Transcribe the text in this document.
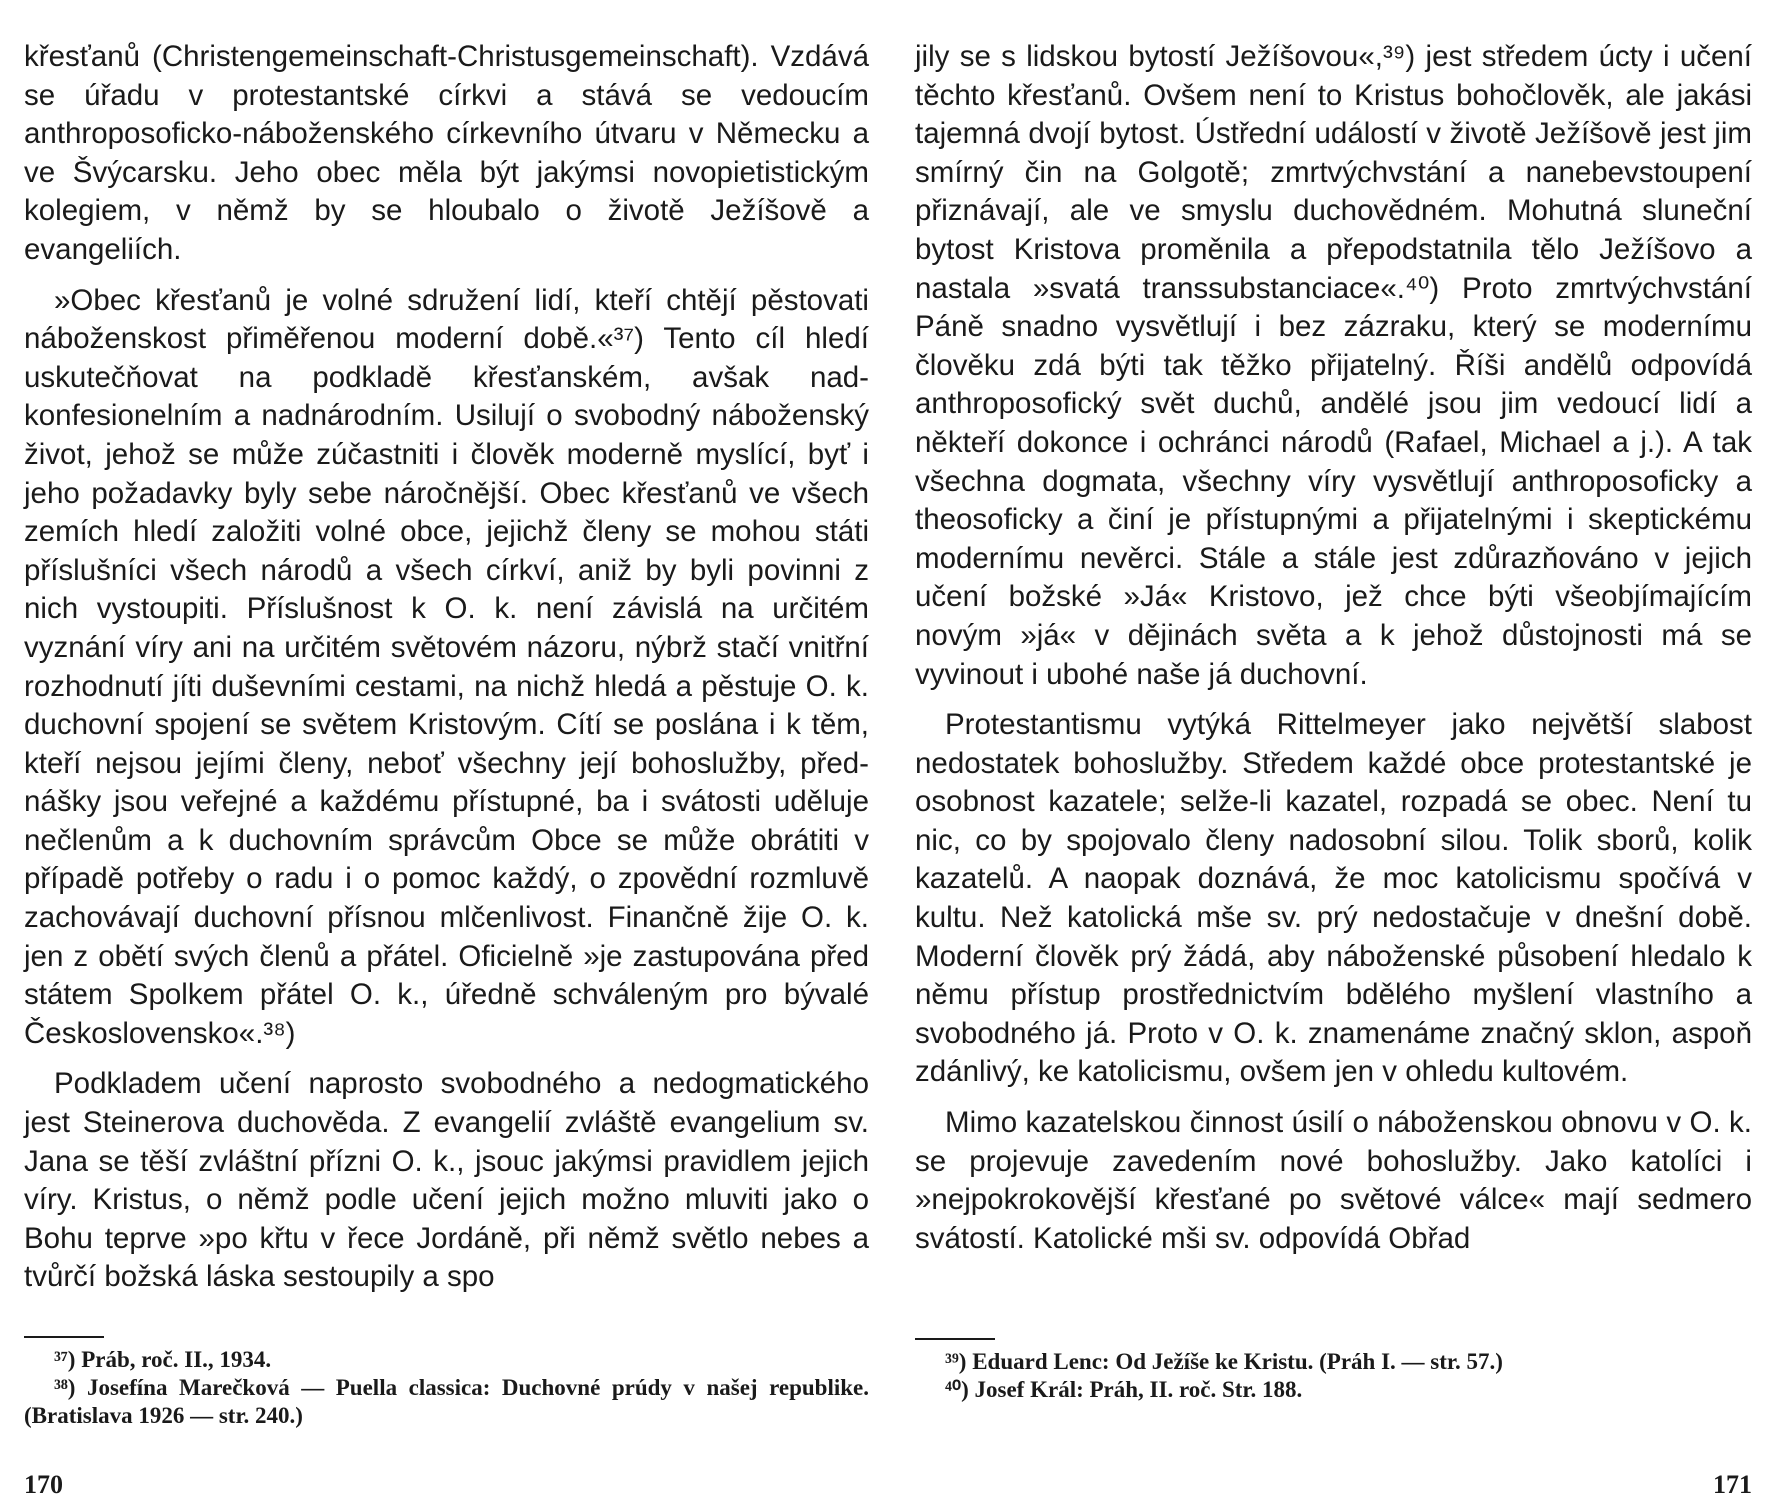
křesťanů (Christengemeinschaft-Christusgemeinschaft). Vzdává se úřadu v protestantské církvi a stává se vedoucím anthroposoficko-náboženského církevního útvaru v Německu a ve Švýcarsku. Jeho obec měla být jakýmsi novopietistickým kolegiem, v němž by se hloubalo o životě Ježíšově a evangeliích.

»Obec křesťanů je volné sdružení lidí, kteří chtějí pěstovati náboženskost přiměřenou moderní době.«³⁷) Tento cíl hledí uskutečňovat na podkladě křesťanském, avšak nadkonfesionelním a nadnárodním. Usilují o svobodný náboženský život, jehož se může zúčastniti i člověk moderně myslící, byť i jeho požadavky byly sebe náročnější. Obec křesťanů ve všech zemích hledí založiti volné obce, jejichž členy se mohou státi příslušníci všech národů a všech církví, aniž by byli povinni z nich vystoupiti. Příslušnost k O. k. není závislá na určitém vyznání víry ani na určitém světovém názoru, nýbrž stačí vnitřní rozhodnutí jíti duševními cestami, na nichž hledá a pěstuje O. k. duchovní spojení se světem Kristovým. Cítí se poslána i k těm, kteří nejsou jejími členy, neboť všechny její bohoslužby, přednášky jsou veřejné a každému přístupné, ba i svátosti uděluje nečlenům a k duchovním správcům Obce se může obrátiti v případě potřeby o radu i o pomoc každý, o zpovědní rozmluvě zachovávají duchovní přísnou mlčenlivost. Finančně žije O. k. jen z obětí svých členů a přátel. Oficielně »je zastupována před státem Spolkem přátel O. k., úředně schváleným pro bývalé Československo«.³⁸)

Podkladem učení naprosto svobodného a nedogmatického jest Steinerova duchověda. Z evangelií zvláště evangelium sv. Jana se těší zvláštní přízni O. k., jsouc jakýmsi pravidlem jejich víry. Kristus, o němž podle učení jejich možno mluviti jako o Bohu teprve »po křtu v řece Jordáně, při němž světlo nebes a tvůrčí božská láska sestoupily a spo

³⁷) Práb, roč. II., 1934.

³⁸) Josefína Marečková — Puella classica: Duchovné prúdy v našej republike. (Bratislava 1926 — str. 240.)

170

jily se s lidskou bytostí Ježíšovou«,³⁹) jest středem úcty i učení těchto křesťanů. Ovšem není to Kristus bohočlověk, ale jakási tajemná dvojí bytost. Ústřední událostí v životě Ježíšově jest jim smírný čin na Golgotě; zmrtvýchvstání a nanebevstoupení přiznávají, ale ve smyslu duchovědném. Mohutná sluneční bytost Kristova proměnila a přepodstatnila tělo Ježíšovo a nastala »svatá transsubstanciace«.⁴⁰) Proto zmrtvýchvstání Páně snadno vysvětlují i bez zázraku, který se modernímu člověku zdá býti tak těžko přijatelný. Říši andělů odpovídá anthroposofický svět duchů, andělé jsou jim vedoucí lidí a někteří dokonce i ochránci národů (Rafael, Michael a j.). A tak všechna dogmata, všechny víry vysvětlují anthroposoficky a theosoficky a činí je přístupnými a přijatelnými i skeptickému modernímu nevěrci. Stále a stále jest zdůrazňováno v jejich učení božské »Já« Kristovo, jež chce býti všeobjímajícím novým »já« v dějinách světa a k jehož důstojnosti má se vyvinout i ubohé naše já duchovní.

Protestantismu vytýká Rittelmeyer jako největší slabost nedostatek bohoslužby. Středem každé obce protestantské je osobnost kazatele; selže-li kazatel, rozpadá se obec. Není tu nic, co by spojovalo členy nadosobní silou. Tolik sborů, kolik kazatelů. A naopak doznává, že moc katolicismu spočívá v kultu. Než katolická mše sv. prý nedostačuje v dnešní době. Moderní člověk prý žádá, aby náboženské působení hledalo k němu přístup prostřednictvím bdělého myšlení vlastního a svobodného já. Proto v O. k. znamenáme značný sklon, aspoň zdánlivý, ke katolicismu, ovšem jen v ohledu kultovém.

Mimo kazatelskou činnost úsilí o náboženskou obnovu v O. k. se projevuje zavedením nové bohoslužby. Jako katolíci i »nejpokrokovější křesťané po světové válce« mají sedmero svátostí. Katolické mši sv. odpovídá Obřad

³⁹) Eduard Lenc: Od Ježíše ke Kristu. (Práh I. — str. 57.)

⁴⁰) Josef Král: Práh, II. roč. Str. 188.

171
